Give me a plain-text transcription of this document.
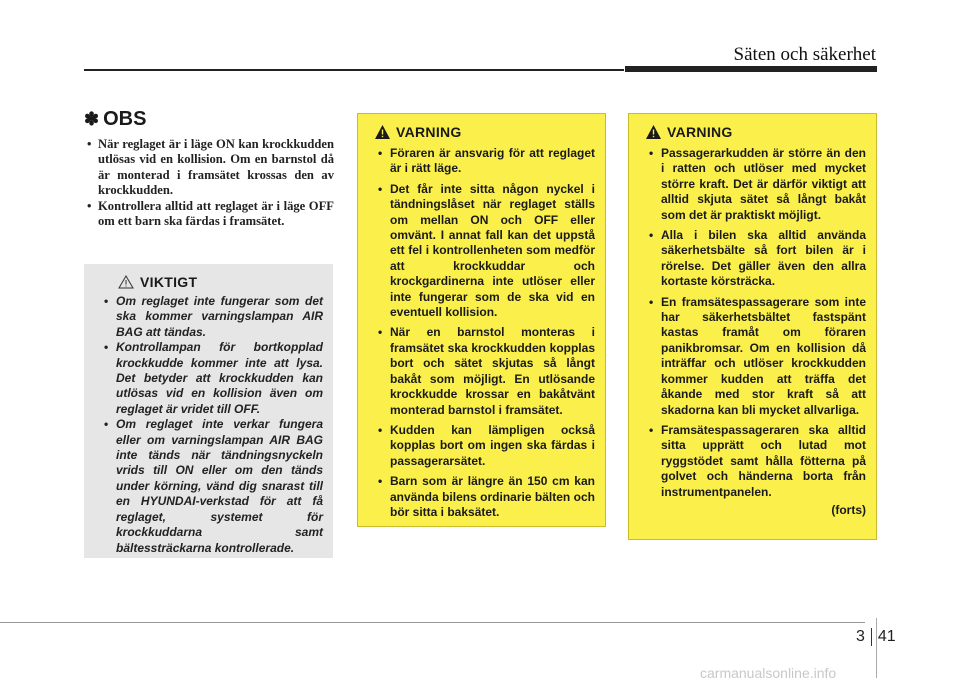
Säten och säkerhet
✽ OBS
• När reglaget är i läge ON kan krockkudden utlösas vid en kollision. Om en barnstol då är monterad i framsätet krossas den av krockkudden.
• Kontrollera alltid att reglaget är i läge OFF om ett barn ska färdas i framsätet.
VIKTIGT
• Om reglaget inte fungerar som det ska kommer varningslampan AIR BAG att tändas.
• Kontrollampan för bortkopplad krockkudde kommer inte att lysa. Det betyder att krockkudden kan utlösas vid en kollision även om reglaget är vridet till OFF.
• Om reglaget inte verkar fungera eller om varningslampan AIR BAG inte tänds när tändningsnyckeln vrids till ON eller om den tänds under körning, vänd dig snarast till en HYUNDAI-verkstad för att få reglaget, systemet för krockkuddarna samt bältessträckarna kontrollerade.
VARNING
• Föraren är ansvarig för att reglaget är i rätt läge.
• Det får inte sitta någon nyckel i tändningslåset när reglaget ställs om mellan ON och OFF eller omvänt. I annat fall kan det uppstå ett fel i kontrollenheten som medför att krockkuddar och krockgardinerna inte utlöser eller inte fungerar som de ska vid en eventuell kollision.
• När en barnstol monteras i framsätet ska krockkudden kopplas bort och sätet skjutas så långt bakåt som möjligt. En utlösande krockkudde krossar en bakåtvänt monterad barnstol i framsätet.
• Kudden kan lämpligen också kopplas bort om ingen ska färdas i passagerarsätet.
• Barn som är längre än 150 cm kan använda bilens ordinarie bälten och bör sitta i baksätet.
VARNING
• Passagerarkudden är större än den i ratten och utlöser med mycket större kraft. Det är därför viktigt att alltid skjuta sätet så långt bakåt som det är praktiskt möjligt.
• Alla i bilen ska alltid använda säkerhetsbälte så fort bilen är i rörelse. Det gäller även den allra kortaste körsträcka.
• En framsätespassagerare som inte har säkerhetsbältet fastspänt kastas framåt om föraren panikbromsar. Om en kollision då inträffar och utlöser krockkudden kommer kudden att träffa det åkande med stor kraft så att skadorna kan bli mycket allvarliga.
• Framsätespassageraren ska alltid sitta upprätt och lutad mot ryggstödet samt hålla fötterna på golvet och händerna borta från instrumentpanelen.
(forts)
3 41
carmanualsonline.info
